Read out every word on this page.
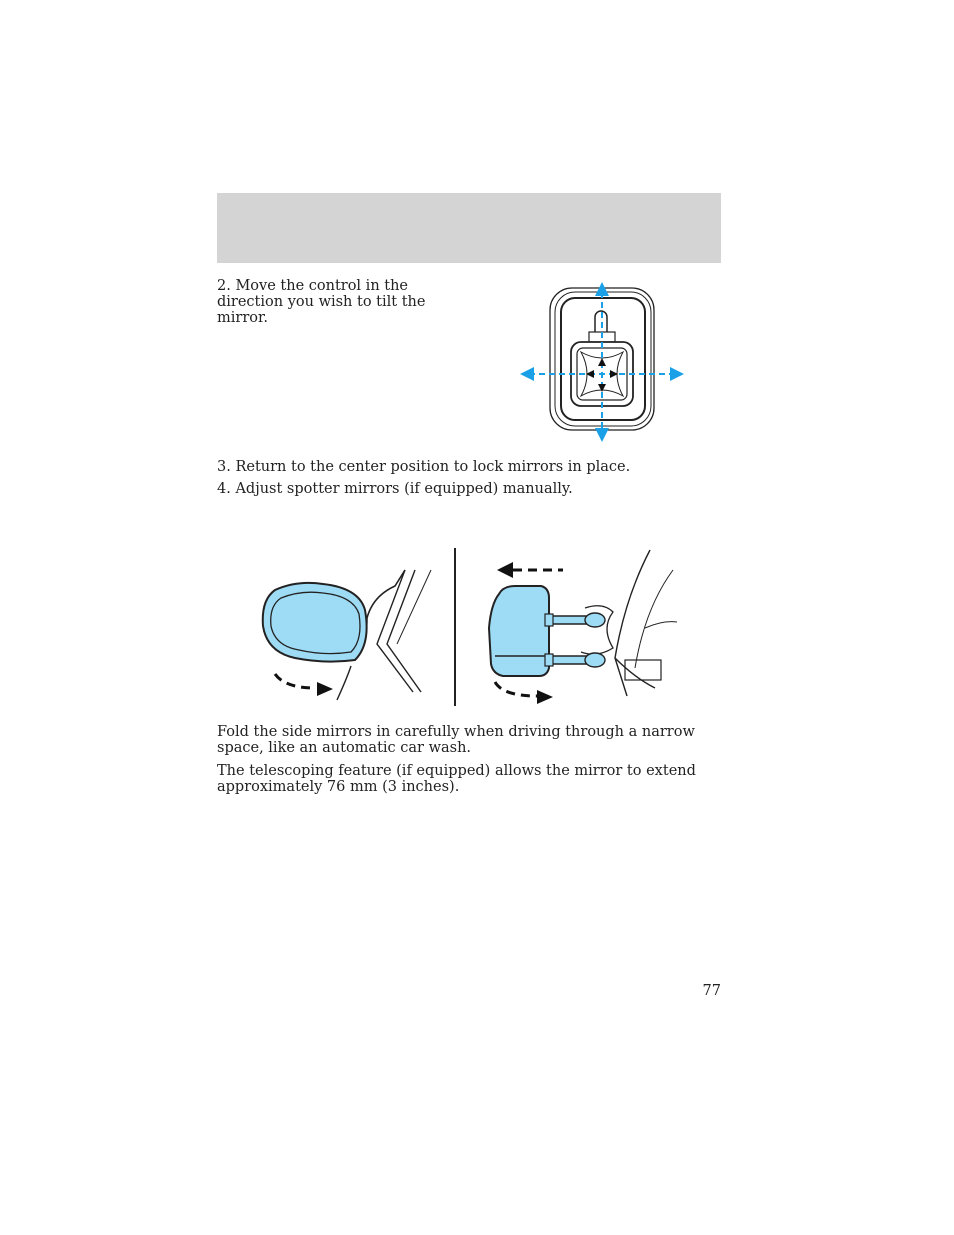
2. Move the control in the direction you wish to tilt the mirror.
3. Return to the center position to lock mirrors in place.
4. Adjust spotter mirrors (if equipped) manually.
Fold the side mirrors in carefully when driving through a narrow space, like an automatic car wash.
The telescoping feature (if equipped) allows the mirror to extend approximately 76 mm (3 inches).
77
